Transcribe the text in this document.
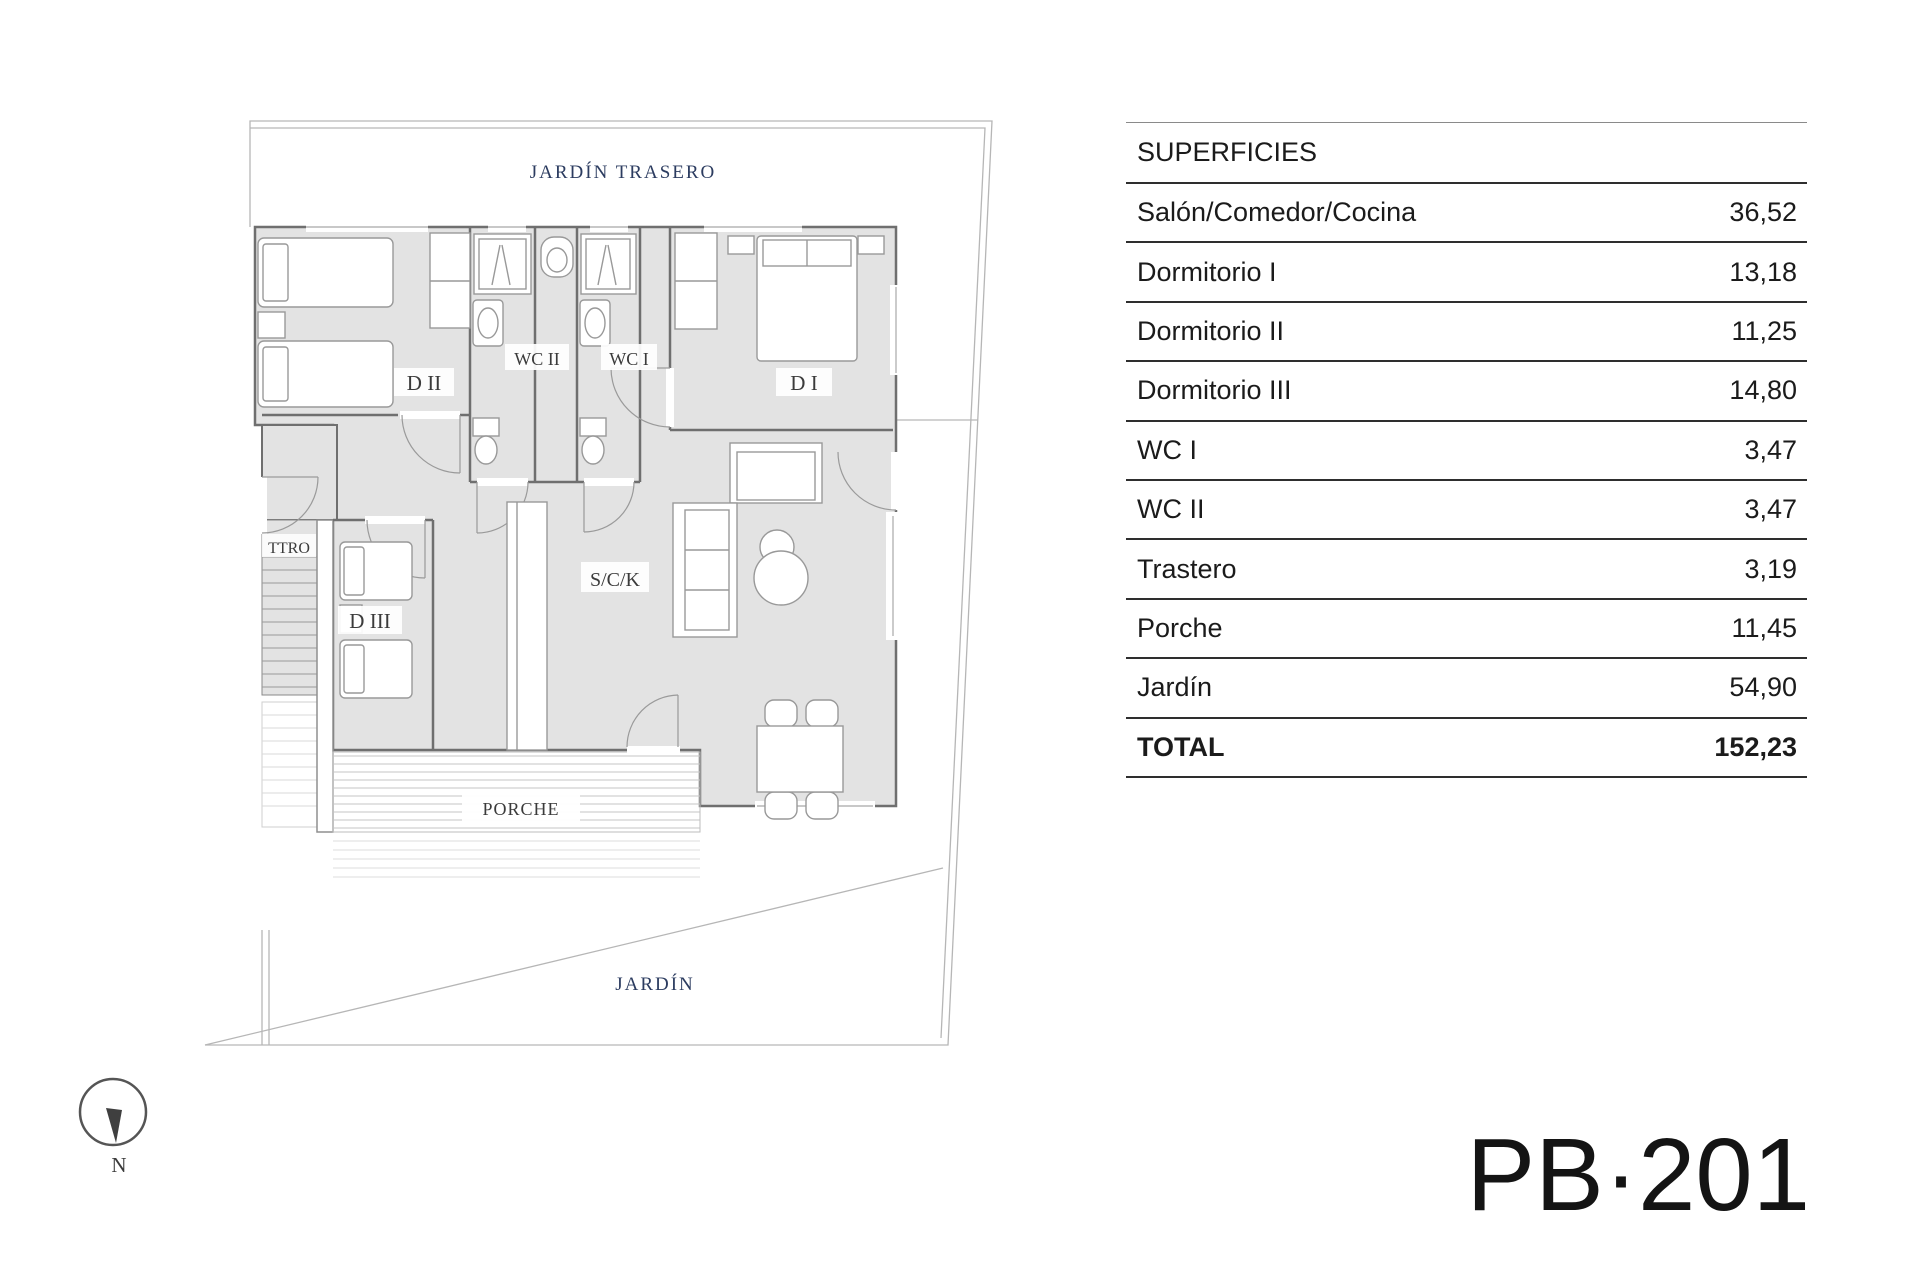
JARDÍN TRASERO
D II
WC II	WC I
D I
TTRO
D III
S/C/K
PORCHE
JARDÍN
N
SUPERFICIES
Salón/Comedor/Cocina	36,52
Dormitorio I	13,18
Dormitorio II	11,25
Dormitorio III	14,80
WC I	3,47
WC II	3,47
Trastero	3,19
Porche	11,45
Jardín	54,90
TOTAL	152,23
PB·201
